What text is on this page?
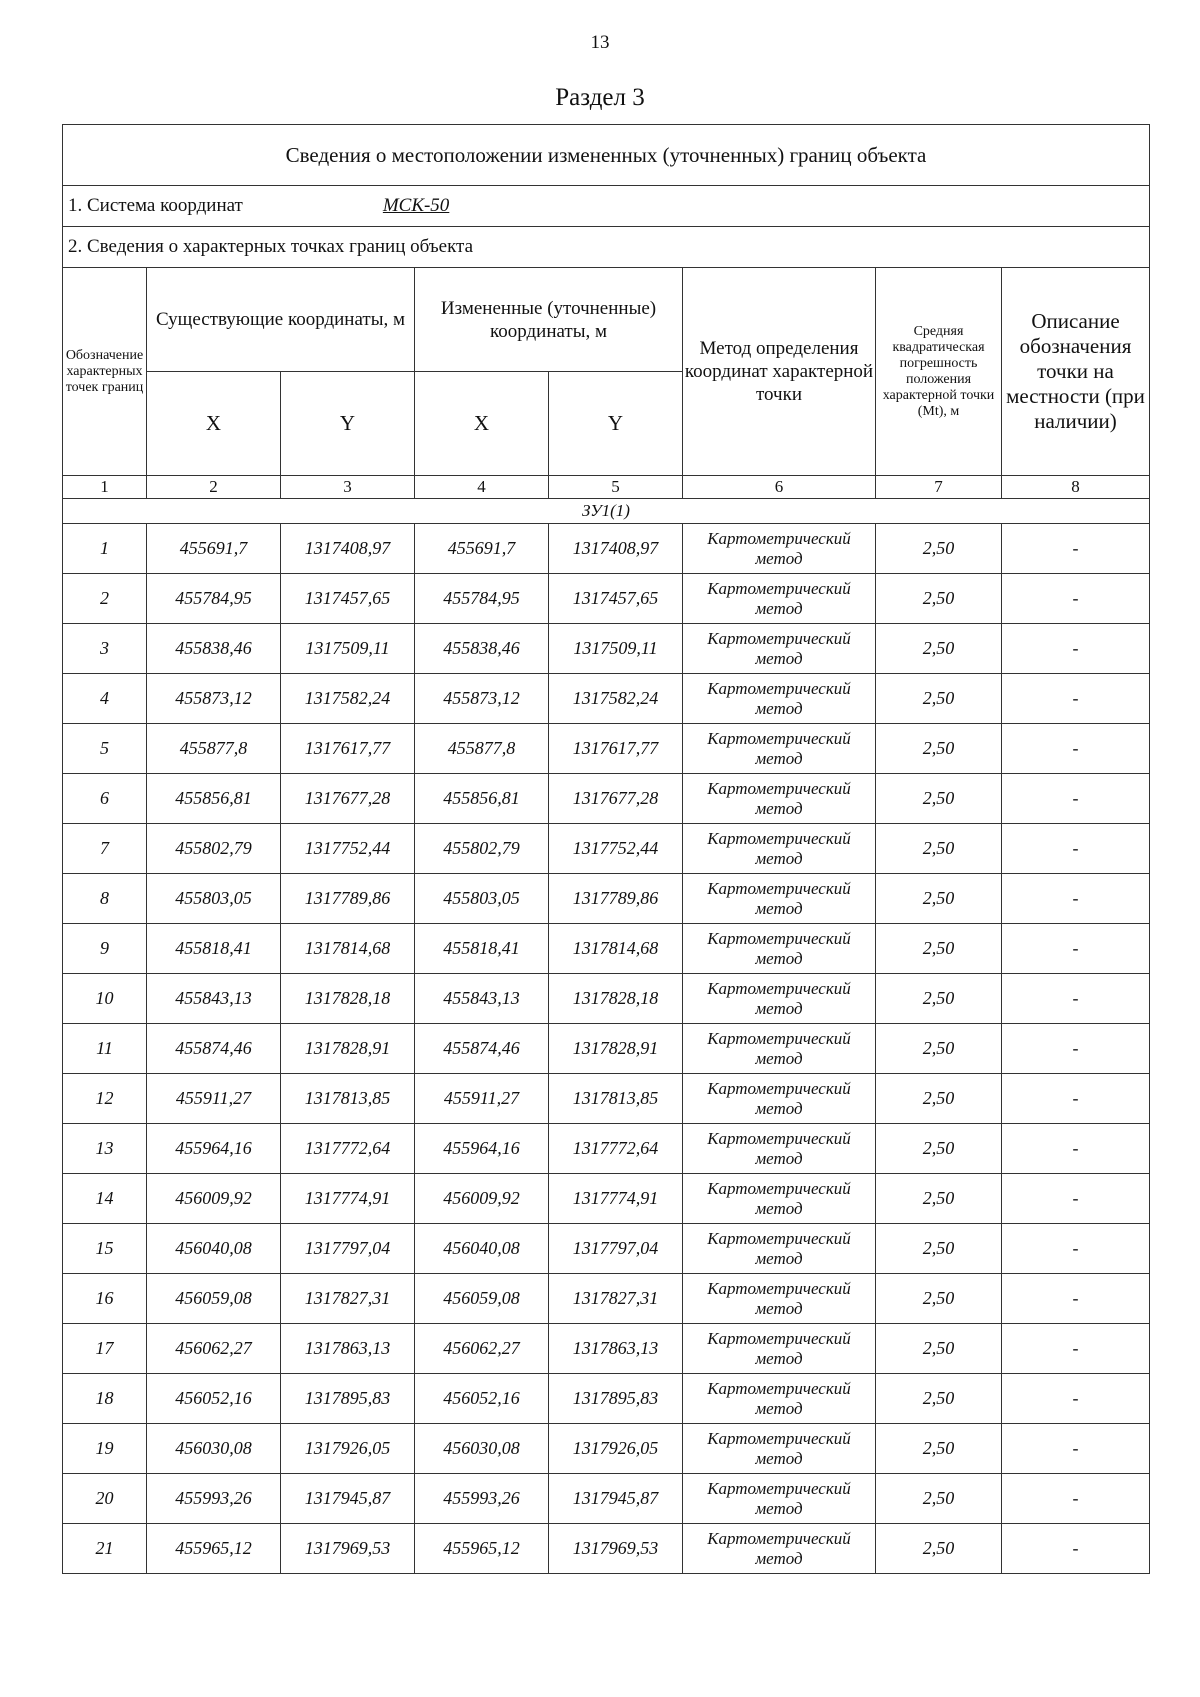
13
Раздел 3
Сведения о местоположении измененных (уточненных) границ объекта							
1. Система координат МСК-50							
2. Сведения о характерных точках границ объекта							
Обозначение характерных точек границ	Существующие координаты, м		Измененные (уточненные) координаты, м		Метод определения координат характерной точки	Средняя квадратическая погрешность положения характерной точки (Mt), м	Описание обозначения точки на местности (при наличии)
	X	Y	X	Y			
1	2	3	4	5	6	7	8
ЗУ1(1)							
1	455691,7	1317408,97	455691,7	1317408,97	Картометрический метод	2,50	-
2	455784,95	1317457,65	455784,95	1317457,65	Картометрический метод	2,50	-
3	455838,46	1317509,11	455838,46	1317509,11	Картометрический метод	2,50	-
4	455873,12	1317582,24	455873,12	1317582,24	Картометрический метод	2,50	-
5	455877,8	1317617,77	455877,8	1317617,77	Картометрический метод	2,50	-
6	455856,81	1317677,28	455856,81	1317677,28	Картометрический метод	2,50	-
7	455802,79	1317752,44	455802,79	1317752,44	Картометрический метод	2,50	-
8	455803,05	1317789,86	455803,05	1317789,86	Картометрический метод	2,50	-
9	455818,41	1317814,68	455818,41	1317814,68	Картометрический метод	2,50	-
10	455843,13	1317828,18	455843,13	1317828,18	Картометрический метод	2,50	-
11	455874,46	1317828,91	455874,46	1317828,91	Картометрический метод	2,50	-
12	455911,27	1317813,85	455911,27	1317813,85	Картометрический метод	2,50	-
13	455964,16	1317772,64	455964,16	1317772,64	Картометрический метод	2,50	-
14	456009,92	1317774,91	456009,92	1317774,91	Картометрический метод	2,50	-
15	456040,08	1317797,04	456040,08	1317797,04	Картометрический метод	2,50	-
16	456059,08	1317827,31	456059,08	1317827,31	Картометрический метод	2,50	-
17	456062,27	1317863,13	456062,27	1317863,13	Картометрический метод	2,50	-
18	456052,16	1317895,83	456052,16	1317895,83	Картометрический метод	2,50	-
19	456030,08	1317926,05	456030,08	1317926,05	Картометрический метод	2,50	-
20	455993,26	1317945,87	455993,26	1317945,87	Картометрический метод	2,50	-
21	455965,12	1317969,53	455965,12	1317969,53	Картометрический метод	2,50	-
